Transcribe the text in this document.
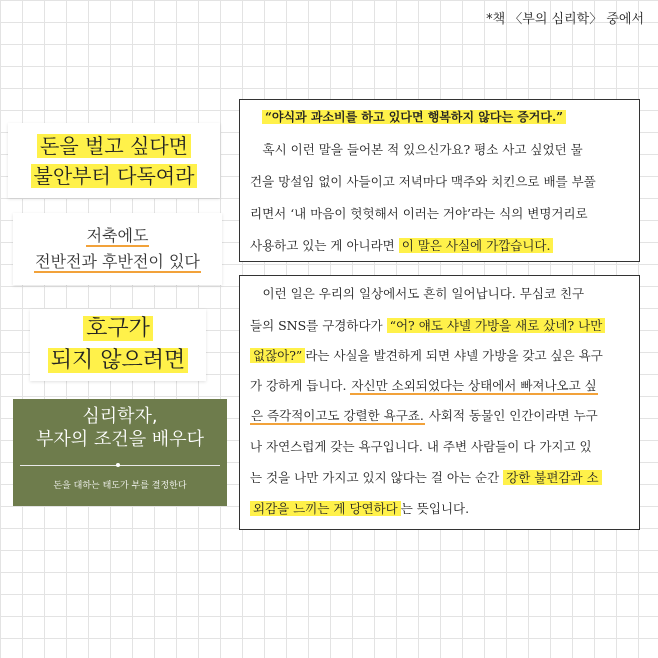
*책 〈부의 심리학〉 중에서
돈을 벌고 싶다면
불안부터 다독여라
저축에도
전반전과 후반전이 있다
호구가
되지 않으려면
심리학자,
부자의 조건을 배우다
돈을 대하는 태도가 부를 결정한다
“야식과 과소비를 하고 있다면 행복하지 않다는 증거다.”
　혹시 이런 말을 들어본 적 있으신가요? 평소 사고 싶었던 물
건을 망설임 없이 사들이고 저녁마다 맥주와 치킨으로 배를 부풀
리면서 ‘내 마음이 헛헛해서 이러는 거야’라는 식의 변명거리로
사용하고 있는 게 아니라면 이 말은 사실에 가깝습니다.
　이런 일은 우리의 일상에서도 흔히 일어납니다. 무심코 친구
들의 SNS를 구경하다가 “어? 얘도 샤넬 가방을 새로 샀네? 나만
없잖아?” 라는 사실을 발견하게 되면 샤넬 가방을 갖고 싶은 욕구
가 강하게 듭니다. 자신만 소외되었다는 상태에서 빠져나오고 싶
은 즉각적이고도 강렬한 욕구죠. 사회적 동물인 인간이라면 누구
나 자연스럽게 갖는 욕구입니다. 내 주변 사람들이 다 가지고 있
는 것을 나만 가지고 있지 않다는 걸 아는 순간 강한 불편감과 소
외감을 느끼는 게 당연하다 는 뜻입니다.
